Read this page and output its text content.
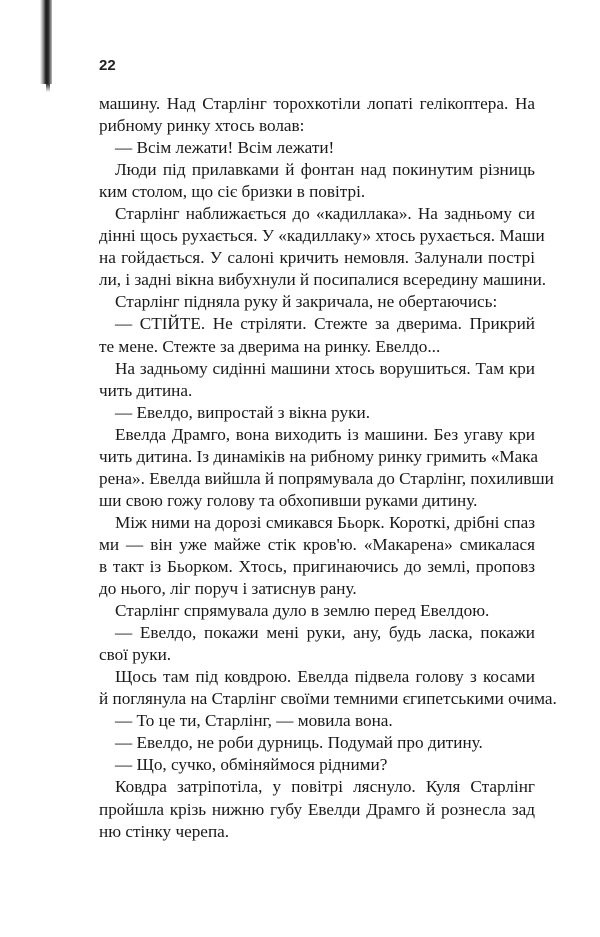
22
машину. Над Старлінг торохкотіли лопаті гелікоптера. На
рибному ринку хтось волав:
— Всім лежати! Всім лежати!
Люди під прилавками й фонтан над покинутим різниць
ким столом, що сіє бризки в повітрі.
Старлінг наближається до «кадиллака». На задньому си
дінні щось рухається. У «кадиллаку» хтось рухається. Маши
на гойдається. У салоні кричить немовля. Залунали пострі
ли, і задні вікна вибухнули й посипалися всередину машини.
Старлінг підняла руку й закричала, не обертаючись:
— СТІЙТЕ. Не стріляти. Стежте за дверима. Прикрий
те мене. Стежте за дверима на ринку. Евелдо...
На задньому сидінні машини хтось ворушиться. Там кри
чить дитина.
— Евелдо, випростай з вікна руки.
Евелда Драмго, вона виходить із машини. Без угаву кри
чить дитина. Із динаміків на рибному ринку гримить «Мака
рена». Евелда вийшла й попрямувала до Старлінг, похиливши
ши свою гожу голову та обхопивши руками дитину.
Між ними на дорозі смикався Бьорк. Короткі, дрібні спаз
ми — він уже майже стік кров'ю. «Макарена» смикалася
в такт із Бьорком. Хтось, пригинаючись до землі, проповз
до нього, ліг поруч і затиснув рану.
Старлінг спрямувала дуло в землю перед Евелдою.
— Евелдо, покажи мені руки, ану, будь ласка, покажи
свої руки.
Щось там під ковдрою. Евелда підвела голову з косами
й поглянула на Старлінг своїми темними єгипетськими очима.
— То це ти, Старлінг, — мовила вона.
— Евелдо, не роби дурниць. Подумай про дитину.
— Що, сучко, обміняймося рідними?
Ковдра затріпотіла, у повітрі ляснуло. Куля Старлінг
пройшла крізь нижню губу Евелди Драмго й рознесла зад
ню стінку черепа.
